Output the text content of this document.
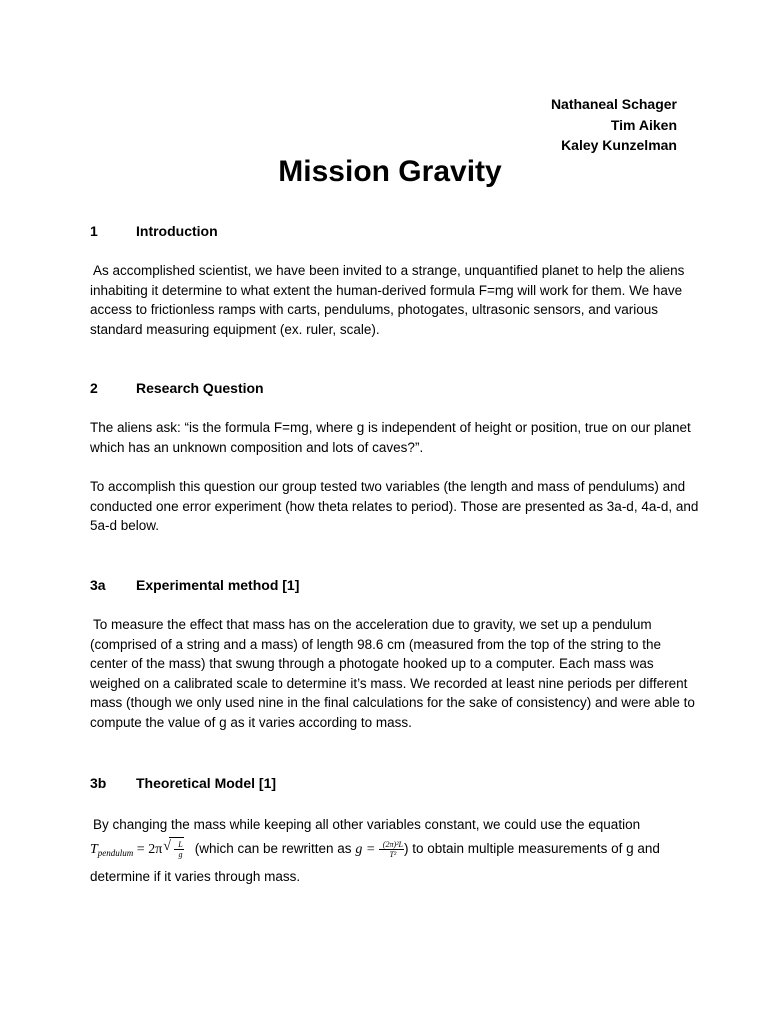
Nathaneal Schager
Tim Aiken
Kaley Kunzelman
Mission Gravity
1	Introduction

As accomplished scientist, we have been invited to a strange, unquantified planet to help the aliens inhabiting it determine to what extent the human-derived formula F=mg will work for them. We have access to frictionless ramps with carts, pendulums, photogates, ultrasonic sensors, and various standard measuring equipment (ex. ruler, scale).

2	Research Question

The aliens ask: “is the formula F=mg, where g is independent of height or position, true on our planet which has an unknown composition and lots of caves?”.

To accomplish this question our group tested two variables (the length and mass of pendulums) and conducted one error experiment (how theta relates to period). Those are presented as 3a-d, 4a-d, and 5a-d below.

3a	Experimental method [1]

To measure the effect that mass has on the acceleration due to gravity, we set up a pendulum (comprised of a string and a mass) of length 98.6 cm (measured from the top of the string to the center of the mass) that swung through a photogate hooked up to a computer. Each mass was weighed on a calibrated scale to determine it’s mass. We recorded at least nine periods per different mass (though we only used nine in the final calculations for the sake of consistency) and were able to compute the value of g as it varies according to mass.

3b	Theoretical Model [1]

By changing the mass while keeping all other variables constant, we could use the equation
$T_{pendulum} = 2\pi$
√ $\frac{L}{g}$ (which can be rewritten as $g = \frac{\text{(2π)²L}}{\text{T²}}$ ) to obtain multiple measurements of g and determine if it varies through mass.
